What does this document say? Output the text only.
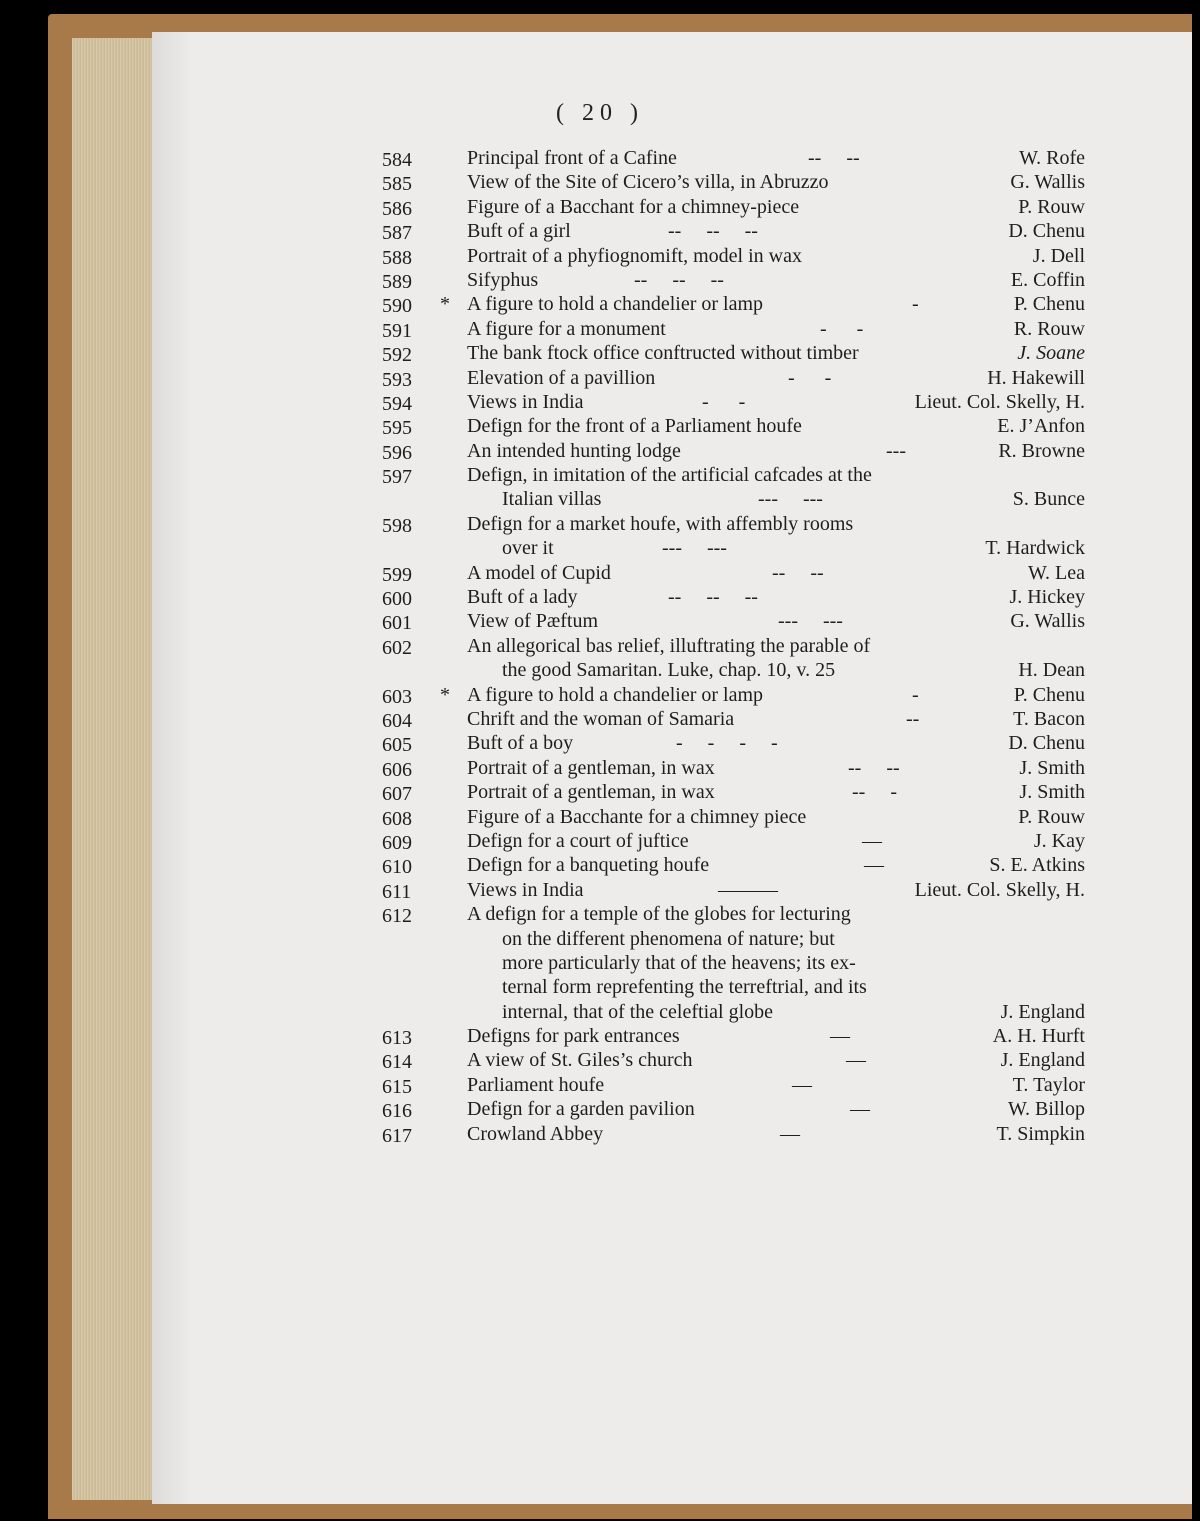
( 20 )
584	Principal front of a Cafine	--     --	W. Rofe
585	View of the Site of Cicero’s villa, in Abruzzo	G. Wallis
586	Figure of a Bacchant for a chimney-piece	P. Rouw
587	Buft of a girl	--     --     --	D. Chenu
588	Portrait of a phyfiognomift, model in wax	J. Dell
589	Sifyphus	--     --     --	E. Coffin
590 * A figure to hold a chandelier or lamp	-	P. Chenu
591	A figure for a monument	-      -	R. Rouw
592	The bank ftock office conftructed without timber	J. Soane
593	Elevation of a pavillion	-      -	H. Hakewill
594	Views in India	-      -	Lieut. Col. Skelly, H.
595	Defign for the front of a Parliament houfe	E. J’Anfon
596	An intended hunting lodge	---	R. Browne
597	Defign, in imitation of the artificial cafcades at the
Italian villas	---     ---	S. Bunce
598	Defign for a market houfe, with affembly rooms
over it	---     ---	T. Hardwick
599	A model of Cupid	--     --	W. Lea
600	Buft of a lady	--     --     --	J. Hickey
601	View of Pæftum	---     ---	G. Wallis
602	An allegorical bas relief, illuftrating the parable of
the good Samaritan. Luke, chap. 10, v. 25	H. Dean
603 * A figure to hold a chandelier or lamp	-	P. Chenu
604	Chrift and the woman of Samaria	--	T. Bacon
605	Buft of a boy	-     -     -     -	D. Chenu
606	Portrait of a gentleman, in wax	--     --	J. Smith
607	Portrait of a gentleman, in wax	--     -	J. Smith
608	Figure of a Bacchante for a chimney piece	P. Rouw
609	Defign for a court of juftice	—	J. Kay
610	Defign for a banqueting houfe	—	S. E. Atkins
611	Views in India	———	Lieut. Col. Skelly, H.
612	A defign for a temple of the globes for lecturing
on the different phenomena of nature; but
more particularly that of the heavens; its ex-
ternal form reprefenting the terreftrial, and its
internal, that of the celeftial globe	J. England
613	Defigns for park entrances	—	A. H. Hurft
614	A view of St. Giles’s church	—	J. England
615	Parliament houfe	—	T. Taylor
616	Defign for a garden pavilion	—	W. Billop
617	Crowland Abbey	—	T. Simpkin
